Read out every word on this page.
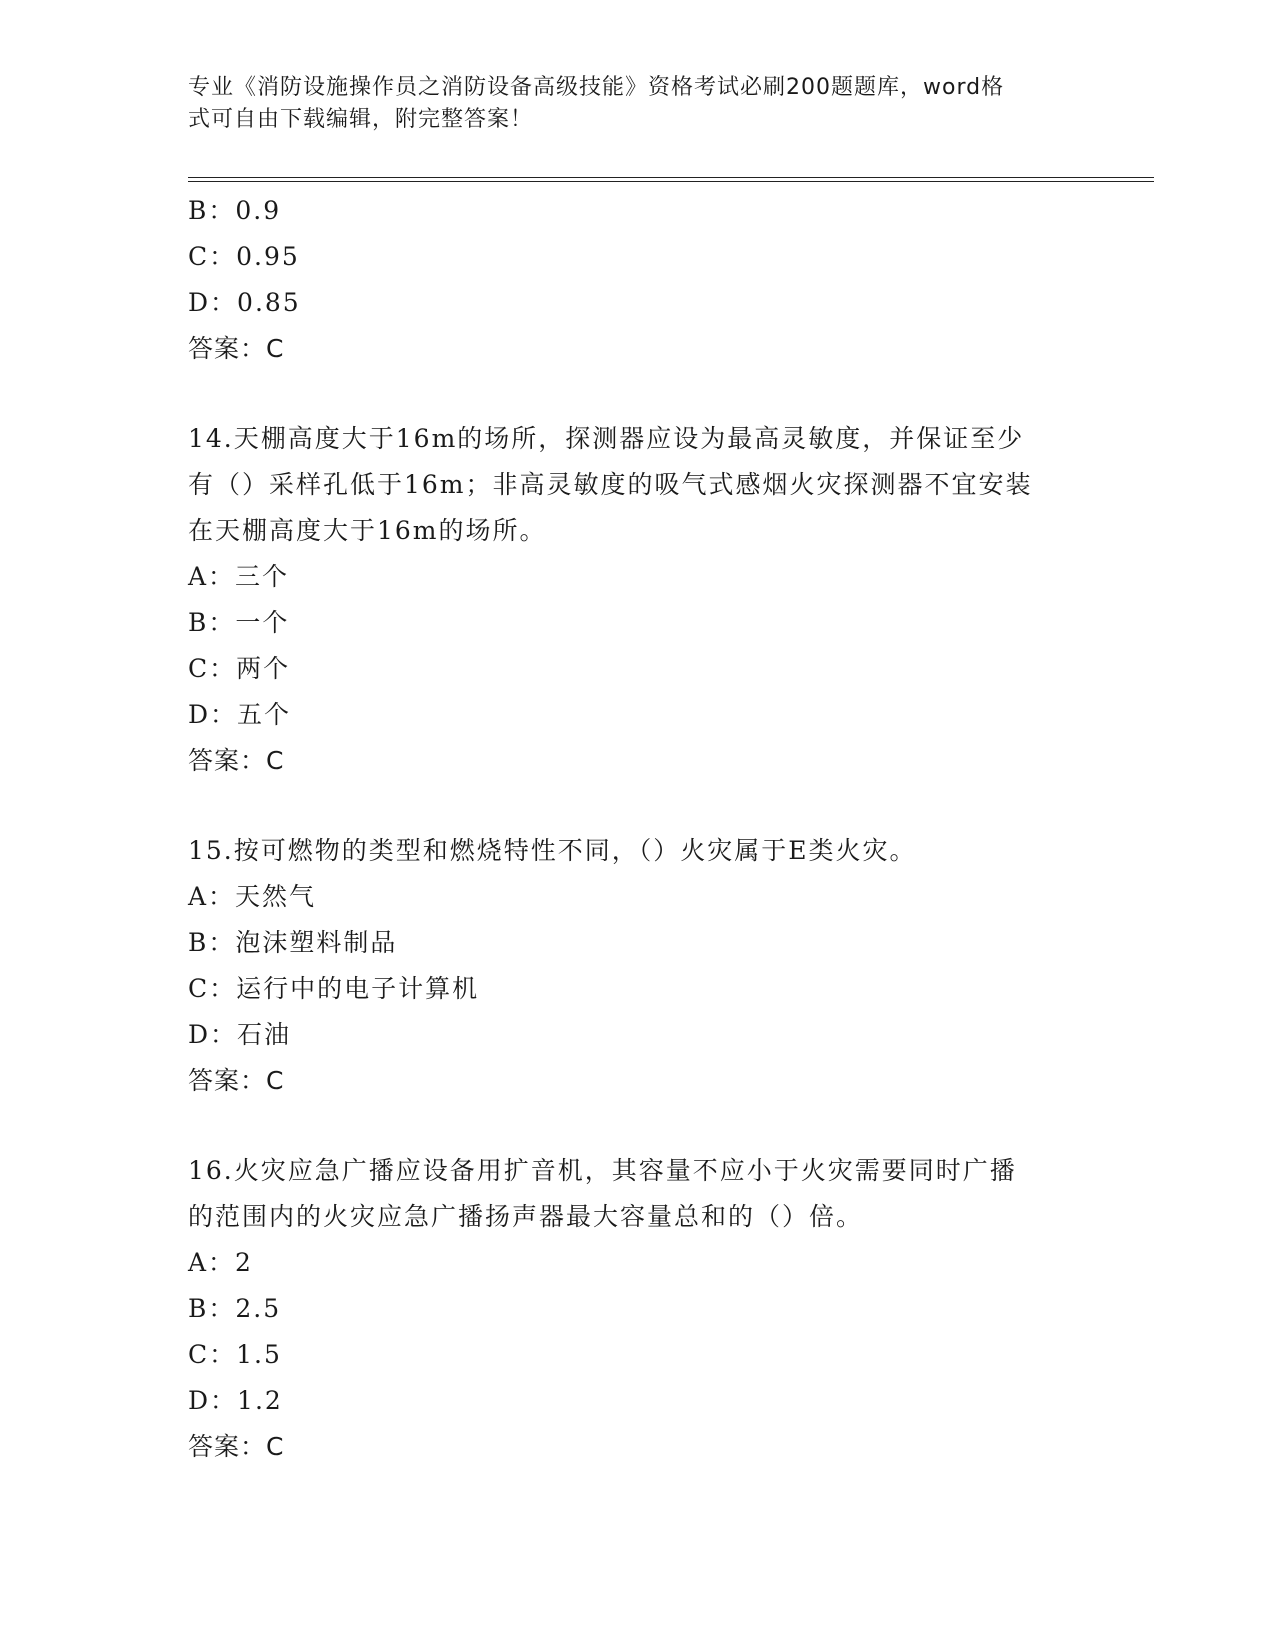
专业《消防设施操作员之消防设备高级技能》资格考试必刷200题题库，word格
式可自由下载编辑，附完整答案！
B：0.9
C：0.95
D：0.85
答案：C
14.天棚高度大于16m的场所，探测器应设为最高灵敏度，并保证至少
有（）采样孔低于16m；非高灵敏度的吸气式感烟火灾探测器不宜安装
在天棚高度大于16m的场所。
A：三个
B：一个
C：两个
D：五个
答案：C
15.按可燃物的类型和燃烧特性不同，（）火灾属于E类火灾。
A：天然气
B：泡沫塑料制品
C：运行中的电子计算机
D：石油
答案：C
16.火灾应急广播应设备用扩音机，其容量不应小于火灾需要同时广播
的范围内的火灾应急广播扬声器最大容量总和的（）倍。
A：2
B：2.5
C：1.5
D：1.2
答案：C
